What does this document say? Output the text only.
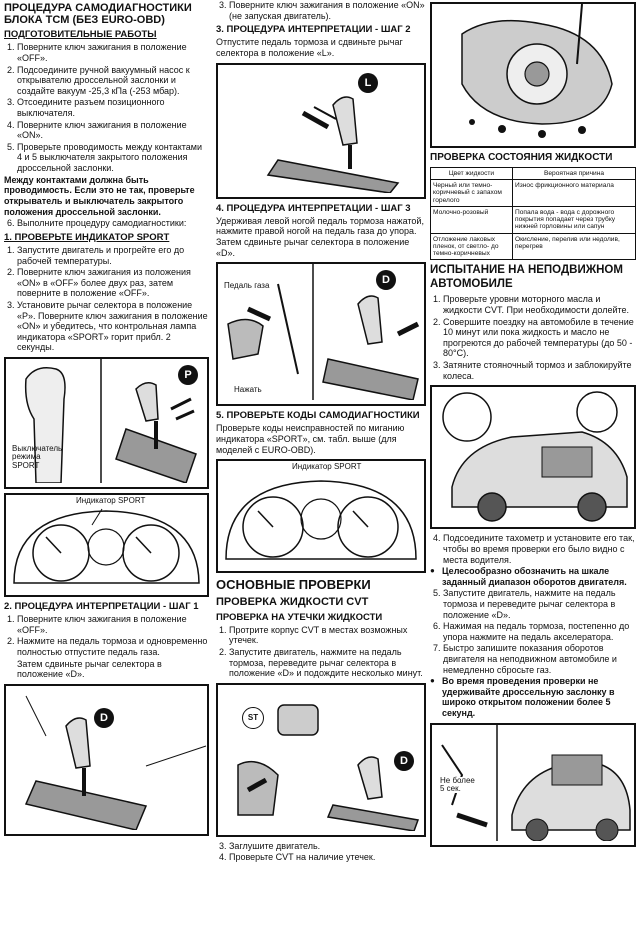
ПРОЦЕДУРА САМОДИАГНОСТИКИ БЛОКА TCM (БЕЗ EURO-OBD)
ПОДГОТОВИТЕЛЬНЫЕ РАБОТЫ
1. Поверните ключ зажигания в положение «OFF».
2. Подсоедините ручной вакуумный насос к открывателю дроссельной заслонки и создайте вакуум -25,3 кПа (-253 мбар).
3. Отсоедините разъем позиционного выключателя.
4. Поверните ключ зажигания в положение «ON».
5. Проверьте проводимость между контактами 4 и 5 выключателя закрытого положения дроссельной заслонки.

Между контактами должна быть проводимость. Если это не так, проверьте открыватель и выключатель закрытого положения дроссельной заслонки.

6. Выполните процедуру самодиагностики:
1. ПРОВЕРЬТЕ ИНДИКАТОР SPORT
1. Запустите двигатель и прогрейте его до рабочей температуры.
2. Поверните ключ зажигания из положения «ON» в «OFF» более двух раз, затем поверните в положение «OFF».
3. Установите рычаг селектора в положение «P». Поверните ключ зажигания в положение «ON» и убедитесь, что контрольная лампа индикатора «SPORT» горит прибл. 2 секунды.
P
Выключатель режима SPORT
Индикатор SPORT
2. ПРОЦЕДУРА ИНТЕРПРЕТАЦИИ - ШАГ 1
1. Поверните ключ зажигания в положение «OFF».
2. Нажмите на педаль тормоза и одновременно полностью отпустите педаль газа.

Затем сдвиньте рычаг селектора в положение «D».

D
3. Поверните ключ зажигания в положение «ON» (не запуская двигатель).
3. ПРОЦЕДУРА ИНТЕРПРЕТАЦИИ - ШАГ 2

Отпустите педаль тормоза и сдвиньте рычаг селектора в положение «L».

L
4. ПРОЦЕДУРА ИНТЕРПРЕТАЦИИ - ШАГ 3

Удерживая левой ногой педаль тормоза нажатой, нажмите правой ногой на педаль газа до упора. Затем сдвиньте рычаг селектора в положение «D».

Педаль газа
Нажать
D
5. ПРОВЕРЬТЕ КОДЫ САМОДИАГНОСТИКИ

Проверьте коды неисправностей по миганию индикатора «SPORT», см. табл. выше (для моделей с EURO-OBD).

Индикатор SPORT
ОСНОВНЫЕ ПРОВЕРКИ
ПРОВЕРКА ЖИДКОСТИ CVT
ПРОВЕРКА НА УТЕЧКИ ЖИДКОСТИ
1. Протрите корпус CVT в местах возможных утечек.
2. Запустите двигатель, нажмите на педаль тормоза, переведите рычаг селектора в положение «D» и подождите несколько минут.
ST
D
3. Заглушите двигатель.
4. Проверьте CVT на наличие утечек.
ПРОВЕРКА СОСТОЯНИЯ ЖИДКОСТИ
Цвет жидкости	Вероятная причина
Черный или темно-коричневый с запахом горелого	Износ фрикционного материала
Молочно-розовый	Попала вода - вода с дорожного покрытия попадает через трубку нижней горловины или сапун
Отложение лаковых пленок, от светло- до темно-коричневых	Окисление, перелив или недолив, перегрев
ИСПЫТАНИЕ НА НЕПОДВИЖНОМ АВТОМОБИЛЕ
1. Проверьте уровни моторного масла и жидкости CVT. При необходимости долейте.
2. Совершите поездку на автомобиле в течение 10 минут или пока жидкость и масло не прогреются до рабочей температуры (до 50 - 80°С).
3. Затяните стояночный тормоз и заблокируйте колеса.
4. Подсоедините тахометр и установите его так, чтобы во время проверки его было видно с места водителя.

● Целесообразно обозначить на шкале заданный диапазон оборотов двигателя.

5. Запустите двигатель, нажмите на педаль тормоза и переведите рычаг селектора в положение «D».
6. Нажимая на педаль тормоза, постепенно до упора нажмите на педаль акселератора.
7. Быстро запишите показания оборотов двигателя на неподвижном автомобиле и немедленно сбросьте газ.

● Во время проведения проверки не удерживайте дроссельную заслонку в широко открытом положении более 5 секунд.

Не более 5 сек.
